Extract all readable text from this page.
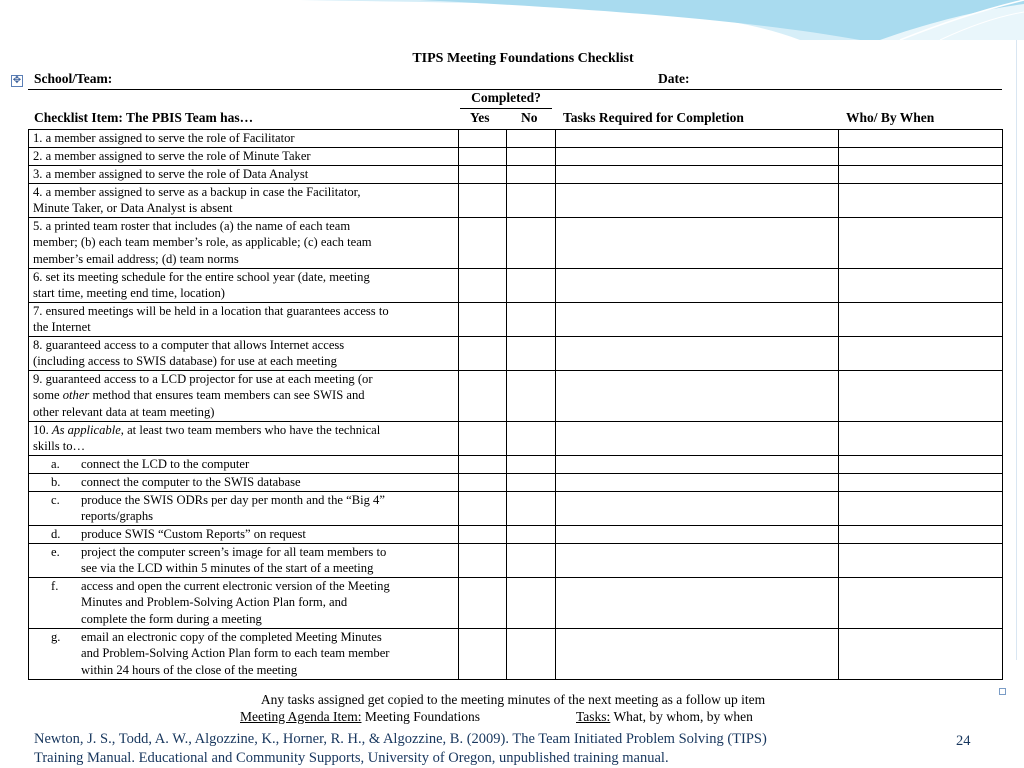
TIPS Meeting Foundations Checklist
✥ School/Team:	Date:
Completed?
Checklist Item: The PBIS Team has…	Yes No Tasks Required for Completion	Who/ By When
1. a member assigned to serve the role of Facilitator				

2. a member assigned to serve the role of Minute Taker				

3. a member assigned to serve the role of Data Analyst				

4. a member assigned to serve as a backup in case the Facilitator,
Minute Taker, or Data Analyst is absent				

5. a printed team roster that includes (a) the name of each team
member; (b) each team member’s role, as applicable; (c) each team
member’s email address; (d) team norms				

6. set its meeting schedule for the entire school year (date, meeting
start time, meeting end time, location)				

7. ensured meetings will be held in a location that guarantees access to
the Internet				

8. guaranteed access to a computer that allows Internet access
(including access to SWIS database) for use at each meeting				

9. guaranteed access to a LCD projector for use at each meeting (or
some other method that ensures team members can see SWIS and
other relevant data at team meeting)				

10. As applicable, at least two team members who have the technical
skills to…				

a. connect the LCD to the computer				

b. connect the computer to the SWIS database				

c. produce the SWIS ODRs per day per month and the “Big 4”
reports/graphs				

d. produce SWIS “Custom Reports” on request				

e. project the computer screen’s image for all team members to
see via the LCD within 5 minutes of the start of a meeting				

f. access and open the current electronic version of the Meeting
Minutes and Problem-Solving Action Plan form, and
complete the form during a meeting				

g. email an electronic copy of the completed Meeting Minutes
and Problem-Solving Action Plan form to each team member
within 24 hours of the close of the meeting				

Any tasks assigned get copied to the meeting minutes of the next meeting as a follow up item
Meeting Agenda Item: Meeting Foundations	Tasks: What, by whom, by when
Newton, J. S., Todd, A. W., Algozzine, K., Horner, R. H., & Algozzine, B. (2009). The Team Initiated Problem Solving (TIPS)
Training Manual. Educational and Community Supports, University of Oregon, unpublished training manual.
24
